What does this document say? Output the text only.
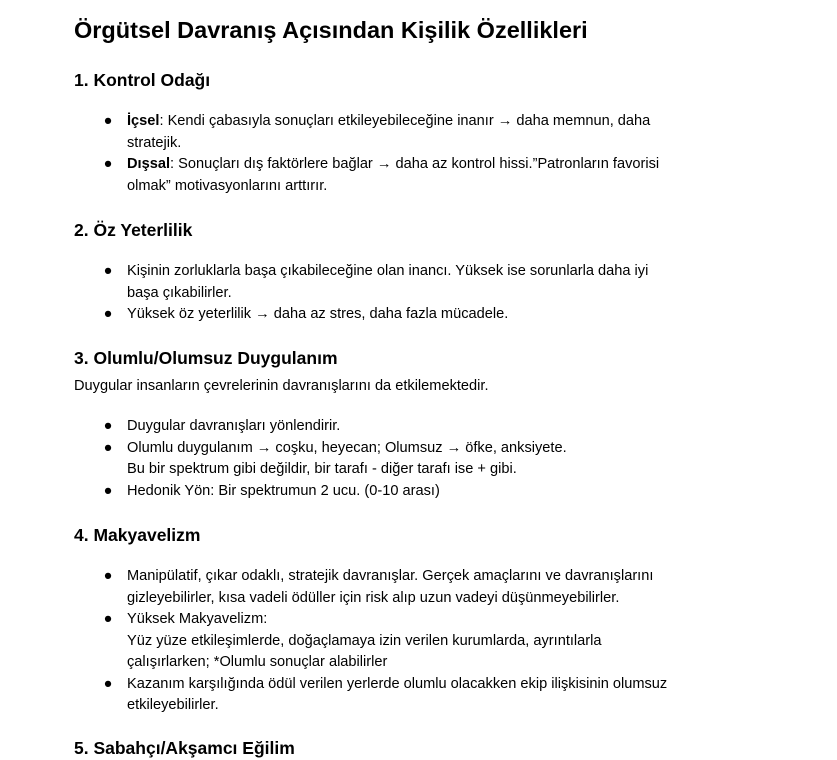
Örgütsel Davranış Açısından Kişilik Özellikleri
1. Kontrol Odağı
● İçsel: Kendi çabasıyla sonuçları etkileyebileceğine inanır → daha memnun, daha
stratejik.
● Dışsal: Sonuçları dış faktörlere bağlar → daha az kontrol hissi.”Patronların favorisi
olmak” motivasyonlarını arttırır.
2. Öz Yeterlilik
● Kişinin zorluklarla başa çıkabileceğine olan inancı. Yüksek ise sorunlarla daha iyi
başa çıkabilirler.
● Yüksek öz yeterlilik → daha az stres, daha fazla mücadele.
3. Olumlu/Olumsuz Duygulanım
Duygular insanların çevrelerinin davranışlarını da etkilemektedir.
● Duygular davranışları yönlendirir.
● Olumlu duygulanım → coşku, heyecan; Olumsuz → öfke, anksiyete.
Bu bir spektrum gibi değildir, bir tarafı - diğer tarafı ise + gibi.
● Hedonik Yön: Bir spektrumun 2 ucu. (0-10 arası)
4. Makyavelizm
● Manipülatif, çıkar odaklı, stratejik davranışlar. Gerçek amaçlarını ve davranışlarını
gizleyebilirler, kısa vadeli ödüller için risk alıp uzun vadeyi düşünmeyebilirler.
● Yüksek Makyavelizm:
Yüz yüze etkileşimlerde, doğaçlamaya izin verilen kurumlarda, ayrıntılarla
çalışırlarken; *Olumlu sonuçlar alabilirler
● Kazanım karşılığında ödül verilen yerlerde olumlu olacakken ekip ilişkisinin olumsuz
etkileyebilirler.
5. Sabahçı/Akşamcı Eğilim
